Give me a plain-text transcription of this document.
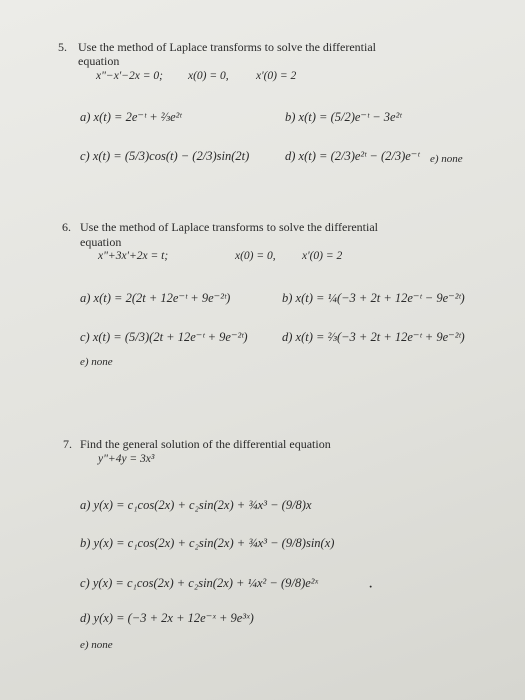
5. Use the method of Laplace transforms to solve the differential
equation
x"−x'−2x = 0; x(0) = 0, x'(0) = 2
a) x(t) = 2e⁻ᵗ + ⅔e²ᵗ	b) x(t) = (5/2)e⁻ᵗ − 3e²ᵗ
c) x(t) = (5/3)cos(t) − (2/3)sin(2t)	d) x(t) = (2/3)e²ᵗ − (2/3)e⁻ᵗ e) none
6. Use the method of Laplace transforms to solve the differential
equation
x"+3x'+2x = t;	x(0) = 0, x'(0) = 2
a) x(t) = 2(2t + 12e⁻ᵗ + 9e⁻²ᵗ)	b) x(t) = ¼(−3 + 2t + 12e⁻ᵗ − 9e⁻²ᵗ)
c) x(t) = (5/3)(2t + 12e⁻ᵗ + 9e⁻²ᵗ)	d) x(t) = ⅔(−3 + 2t + 12e⁻ᵗ + 9e⁻²ᵗ)
e) none
7. Find the general solution of the differential equation
y"+4y = 3x³
a) y(x) = c₁cos(2x) + c₂sin(2x) + ¾x³ − (9/8)x
b) y(x) = c₁cos(2x) + c₂sin(2x) + ¾x³ − (9/8)sin(x)
c) y(x) = c₁cos(2x) + c₂sin(2x) + ¼x² − (9/8)e²ˣ	·
d) y(x) = (−3 + 2x + 12e⁻ˣ + 9e³ˣ)
e) none
